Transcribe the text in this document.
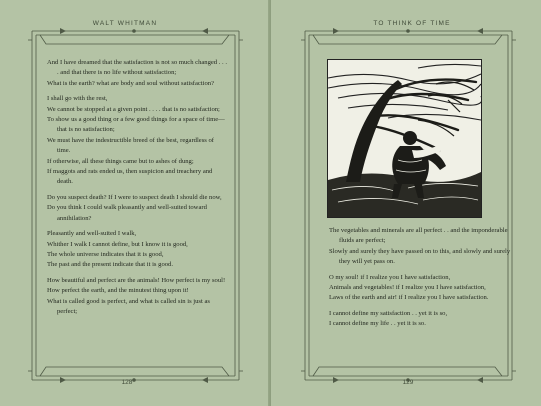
WALT WHITMAN
And I have dreamed that the satisfaction is not so much changed . . . . and that there is no life without satisfaction;
What is the earth? what are body and soul without satisfaction?
I shall go with the rest,
We cannot be stopped at a given point . . . . that is no satisfaction;
To show us a good thing or a few good things for a space of time—that is no satisfaction;
We must have the indestructible breed of the best, regardless of time.
If otherwise, all these things came but to ashes of dung;
If maggots and rats ended us, then suspicion and treachery and death.
Do you suspect death? If I were to suspect death I should die now,
Do you think I could walk pleasantly and well-suited toward annihilation?
Pleasantly and well-suited I walk,
Whither I walk I cannot define, but I know it is good,
The whole universe indicates that it is good,
The past and the present indicate that it is good.
How beautiful and perfect are the animals! How perfect is my soul!
How perfect the earth, and the minutest thing upon it!
What is called good is perfect, and what is called sin is just as perfect;
128
TO THINK OF TIME
The vegetables and minerals are all perfect . . and the imponderable fluids are perfect;
Slowly and surely they have passed on to this, and slowly and surely they will yet pass on.
O my soul! if I realize you I have satisfaction,
Animals and vegetables! if I realize you I have satisfaction,
Laws of the earth and air! if I realize you I have satisfaction.
I cannot define my satisfaction . . yet it is so,
I cannot define my life . . yet it is so.
129
